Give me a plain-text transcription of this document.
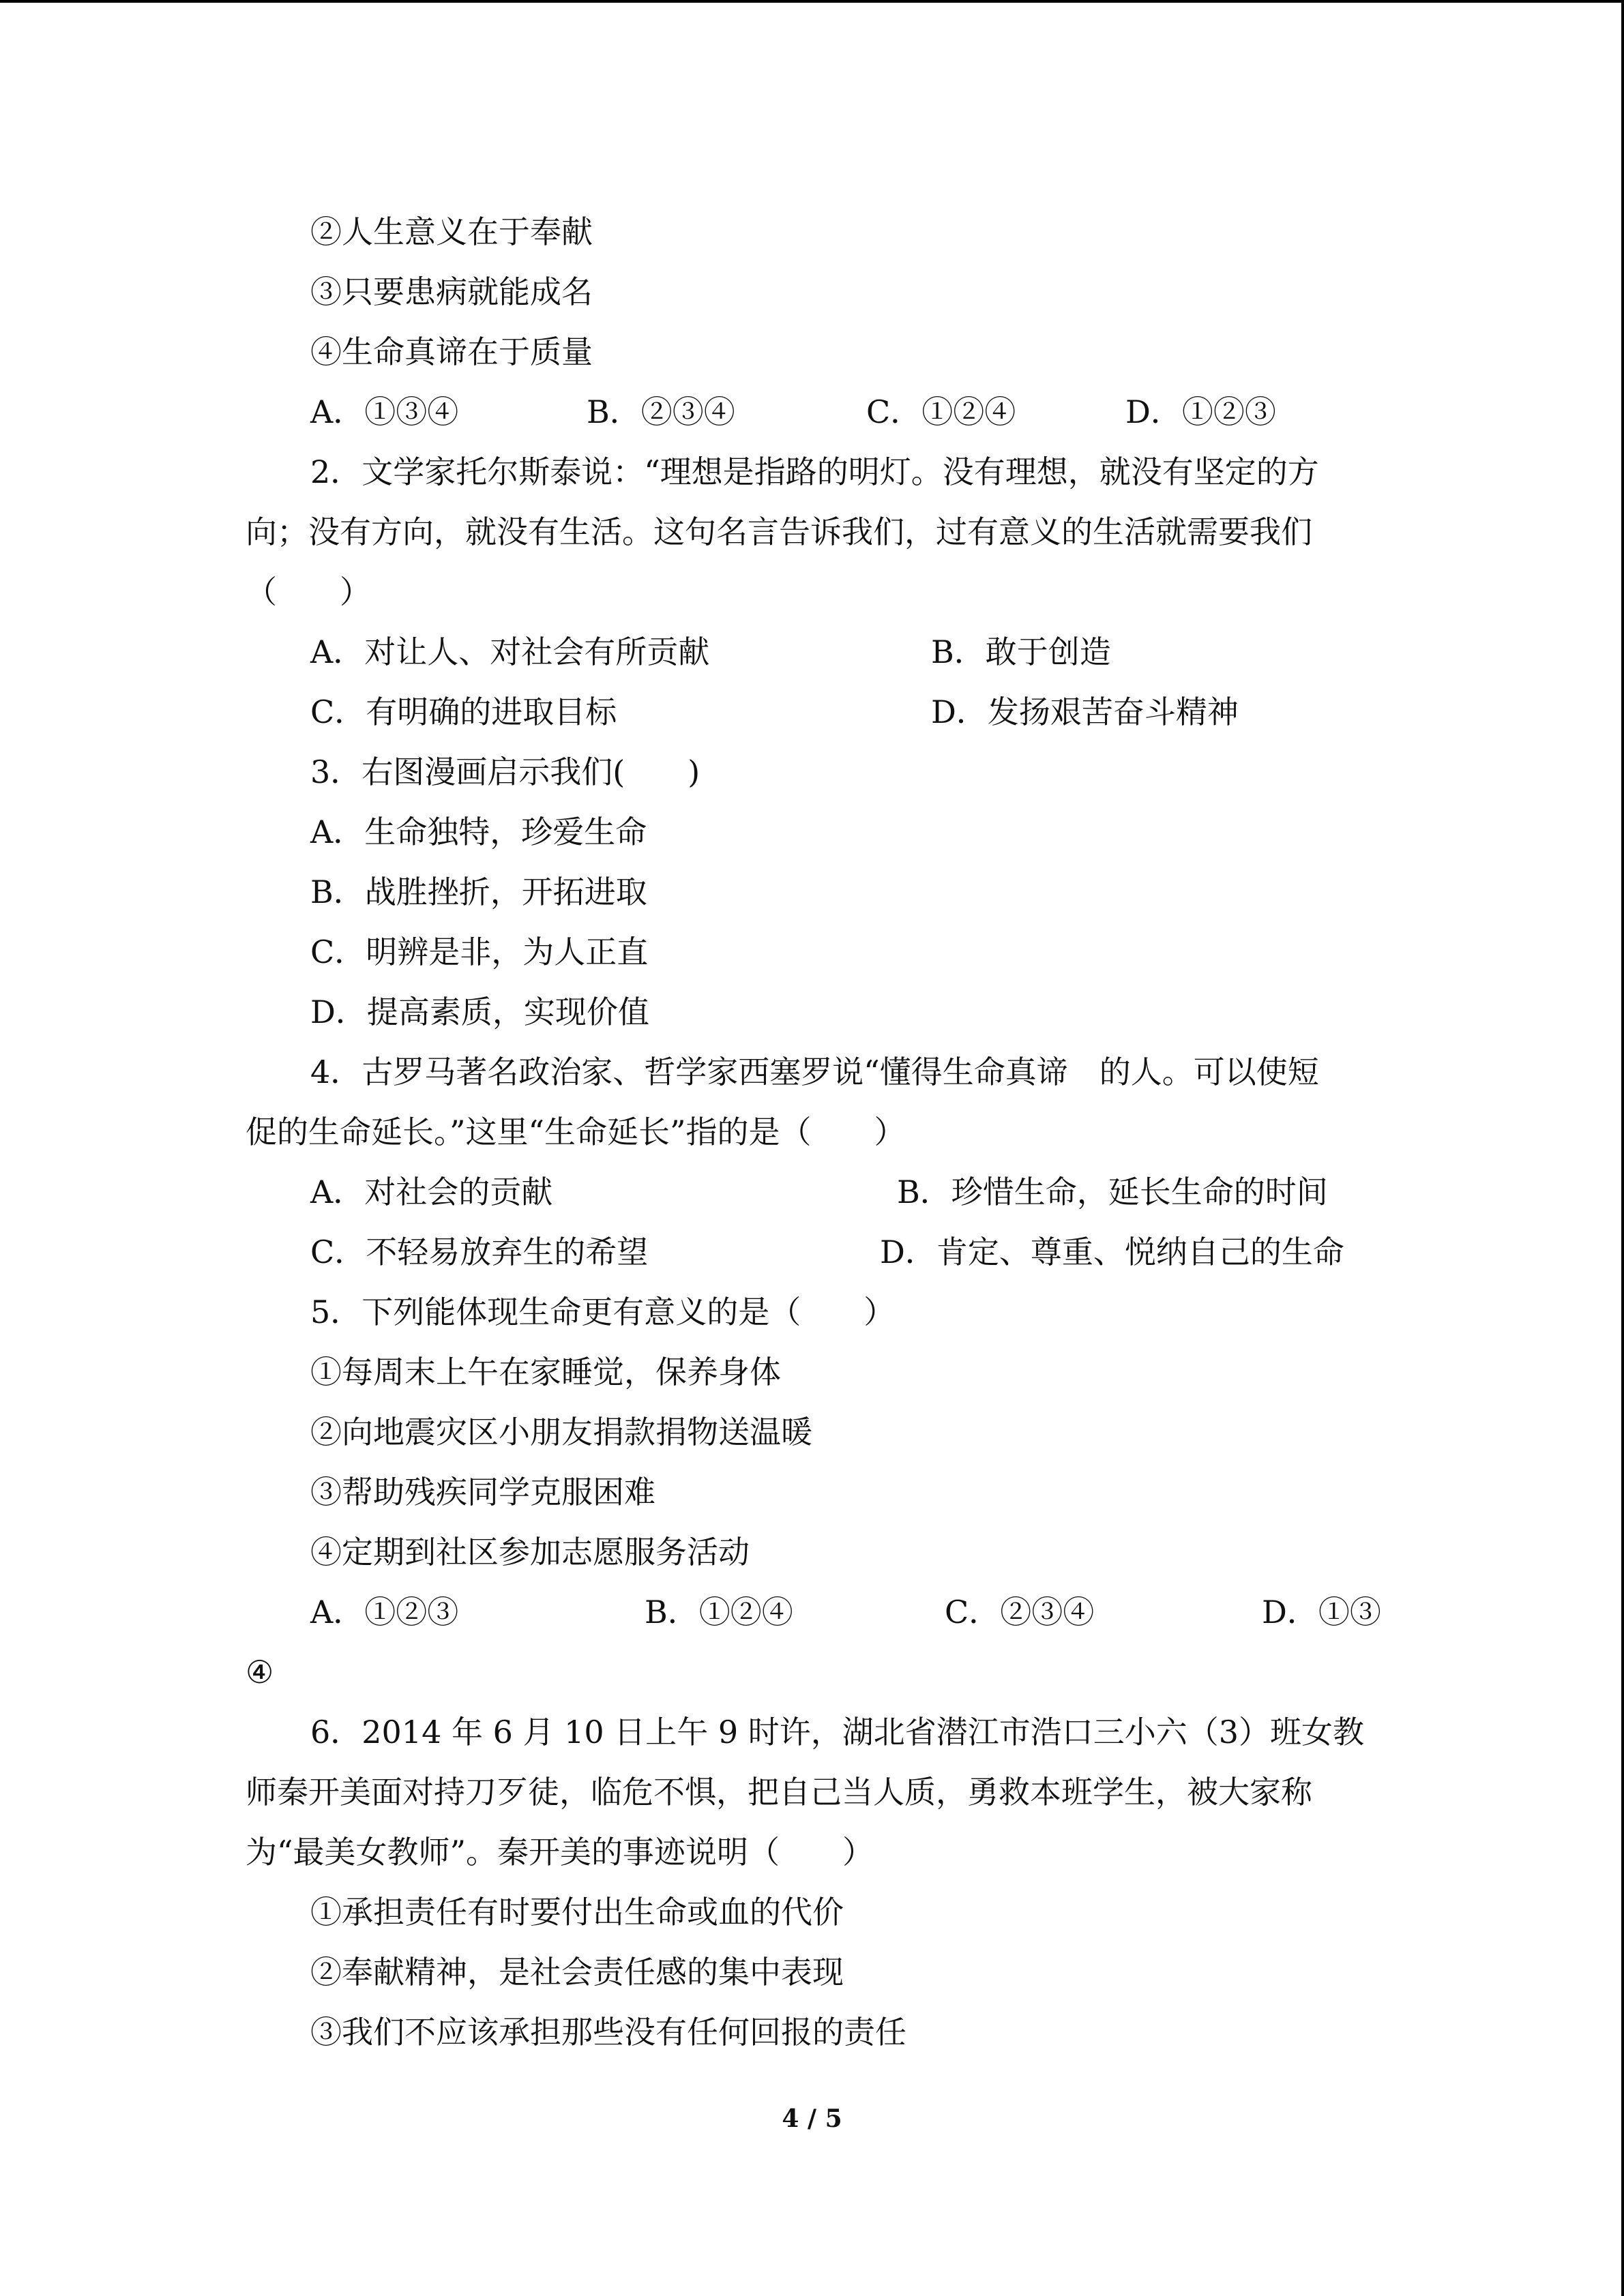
②人生意义在于奉献
③只要患病就能成名
④生命真谛在于质量
A．①③④	B．②③④	C．①②④	D．①②③
2．文学家托尔斯泰说：“理想是指路的明灯。没有理想，就没有坚定的方
向；没有方向，就没有生活。这句名言告诉我们，过有意义的生活就需要我们
（　　）
A．对让人、对社会有所贡献	B．敢于创造
C．有明确的进取目标	D．发扬艰苦奋斗精神
3．右图漫画启示我们(　　)
A．生命独特，珍爱生命
B．战胜挫折，开拓进取
C．明辨是非，为人正直
D．提高素质，实现价值
4．古罗马著名政治家、哲学家西塞罗说“懂得生命真谛　的人。可以使短
促的生命延长。”这里“生命延长”指的是（　　）
A．对社会的贡献	B．珍惜生命，延长生命的时间
C．不轻易放弃生的希望	D．肯定、尊重、悦纳自己的生命
5．下列能体现生命更有意义的是（　　）
①每周末上午在家睡觉，保养身体
②向地震灾区小朋友捐款捐物送温暖
③帮助残疾同学克服困难
④定期到社区参加志愿服务活动
A．①②③	B．①②④	C．②③④	D．①③
④
6．2014 年 6 月 10 日上午 9 时许，湖北省潜江市浩口三小六（3）班女教
师秦开美面对持刀歹徒，临危不惧，把自己当人质，勇救本班学生，被大家称
为“最美女教师”。秦开美的事迹说明（　　）
①承担责任有时要付出生命或血的代价
②奉献精神，是社会责任感的集中表现
③我们不应该承担那些没有任何回报的责任
4 / 5
